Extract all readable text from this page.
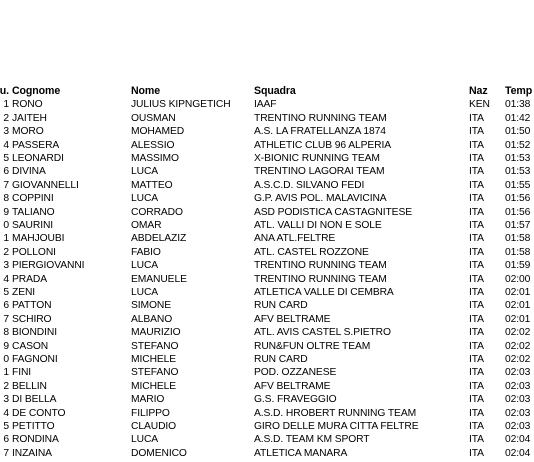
u. Cognome	Nome	Squadra	Naz	Temp
1 RONO	JULIUS KIPNGETICH	IAAF	KEN	01:38
2 JAITEH	OUSMAN	TRENTINO RUNNING TEAM	ITA	01:42
3 MORO	MOHAMED	A.S. LA FRATELLANZA 1874	ITA	01:50
4 PASSERA	ALESSIO	ATHLETIC CLUB 96 ALPERIA	ITA	01:52
5 LEONARDI	MASSIMO	X-BIONIC RUNNING TEAM	ITA	01:53
6 DIVINA	LUCA	TRENTINO LAGORAI TEAM	ITA	01:53
7 GIOVANNELLI	MATTEO	A.S.C.D. SILVANO FEDI	ITA	01:55
8 COPPINI	LUCA	G.P. AVIS POL. MALAVICINA	ITA	01:56
9 TALIANO	CORRADO	ASD PODISTICA CASTAGNITESE	ITA	01:56
0 SAURINI	OMAR	ATL. VALLI DI NON E SOLE	ITA	01:57
1 MAHJOUBI	ABDELAZIZ	ANA ATL.FELTRE	ITA	01:58
2 POLLONI	FABIO	ATL. CASTEL ROZZONE	ITA	01:58
3 PIERGIOVANNI	LUCA	TRENTINO RUNNING TEAM	ITA	01:59
4 PRADA	EMANUELE	TRENTINO RUNNING TEAM	ITA	02:00
5 ZENI	LUCA	ATLETICA VALLE DI CEMBRA	ITA	02:01
6 PATTON	SIMONE	RUN CARD	ITA	02:01
7 SCHIRO	ALBANO	AFV BELTRAME	ITA	02:01
8 BIONDINI	MAURIZIO	ATL. AVIS CASTEL S.PIETRO	ITA	02:02
9 CASON	STEFANO	RUN&FUN OLTRE TEAM	ITA	02:02
0 FAGNONI	MICHELE	RUN CARD	ITA	02:02
1 FINI	STEFANO	POD. OZZANESE	ITA	02:03
2 BELLIN	MICHELE	AFV BELTRAME	ITA	02:03
3 DI BELLA	MARIO	G.S. FRAVEGGIO	ITA	02:03
4 DE CONTO	FILIPPO	A.S.D. HROBERT RUNNING TEAM	ITA	02:03
5 PETITTO	CLAUDIO	GIRO DELLE MURA CITTA FELTRE	ITA	02:03
6 RONDINA	LUCA	A.S.D. TEAM KM SPORT	ITA	02:04
7 INZAINA	DOMENICO	ATLETICA MANARA	ITA	02:04
